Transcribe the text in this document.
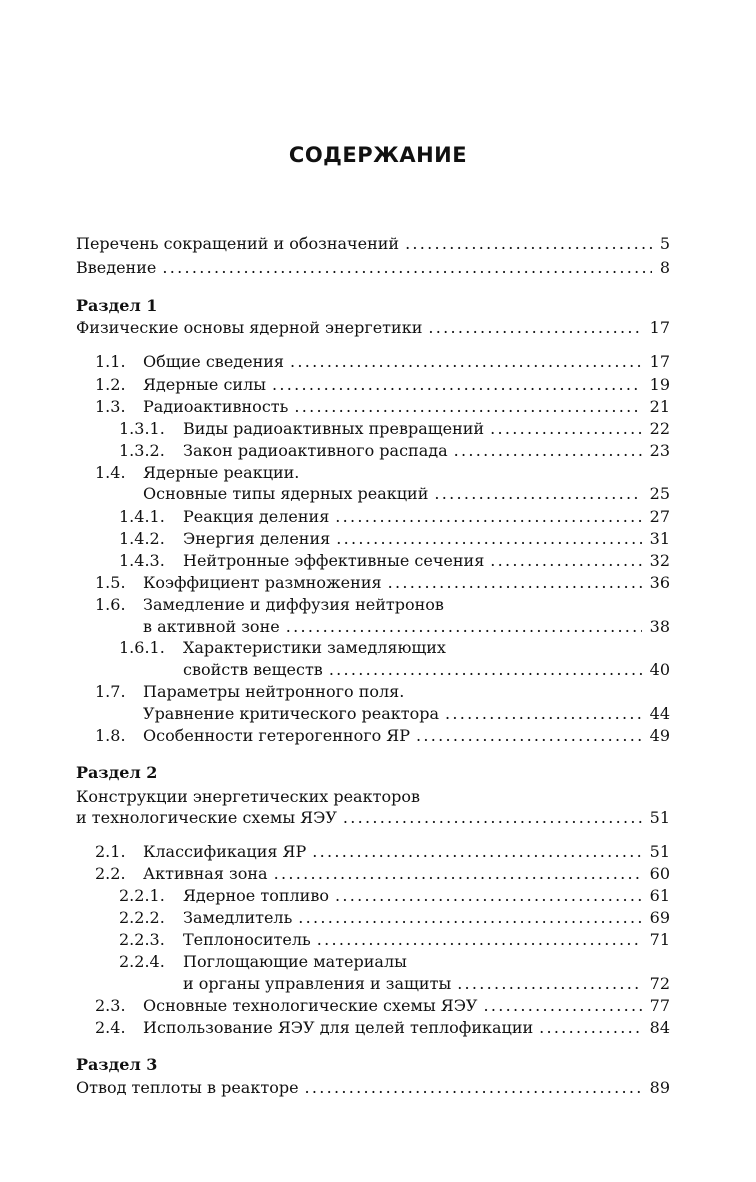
СОДЕРЖАНИЕ
Перечень сокращений и обозначений . . .	5
Введение . . .	8
Раздел 1
Физические основы ядерной энергетики . . .	17
1.1. Общие сведения . . .	17
1.2. Ядерные силы . . .	19
1.3. Радиоактивность . . .	21
1.3.1. Виды радиоактивных превращений . . .	22
1.3.2. Закон радиоактивного распада . . .	23
1.4. Ядерные реакции.
Основные типы ядерных реакций . . .	25
1.4.1. Реакция деления . . .	27
1.4.2. Энергия деления . . .	31
1.4.3. Нейтронные эффективные сечения . . .	32
1.5. Коэффициент размножения . . .	36
1.6. Замедление и диффузия нейтронов
в активной зоне . . .	38
1.6.1. Характеристики замедляющих
свойств веществ . . .	40
1.7. Параметры нейтронного поля.
Уравнение критического реактора . . .	44
1.8. Особенности гетерогенного ЯР . . .	49
Раздел 2
Конструкции энергетических реакторов
и технологические схемы ЯЭУ . . .	51
2.1. Классификация ЯР . . .	51
2.2. Активная зона . . .	60
2.2.1. Ядерное топливо . . .	61
2.2.2. Замедлитель . . .	69
2.2.3. Теплоноситель . . .	71
2.2.4. Поглощающие материалы
и органы управления и защиты . . .	72
2.3. Основные технологические схемы ЯЭУ . . .	77
2.4. Использование ЯЭУ для целей теплофикации . . .	84
Раздел 3
Отвод теплоты в реакторе . . .	89
